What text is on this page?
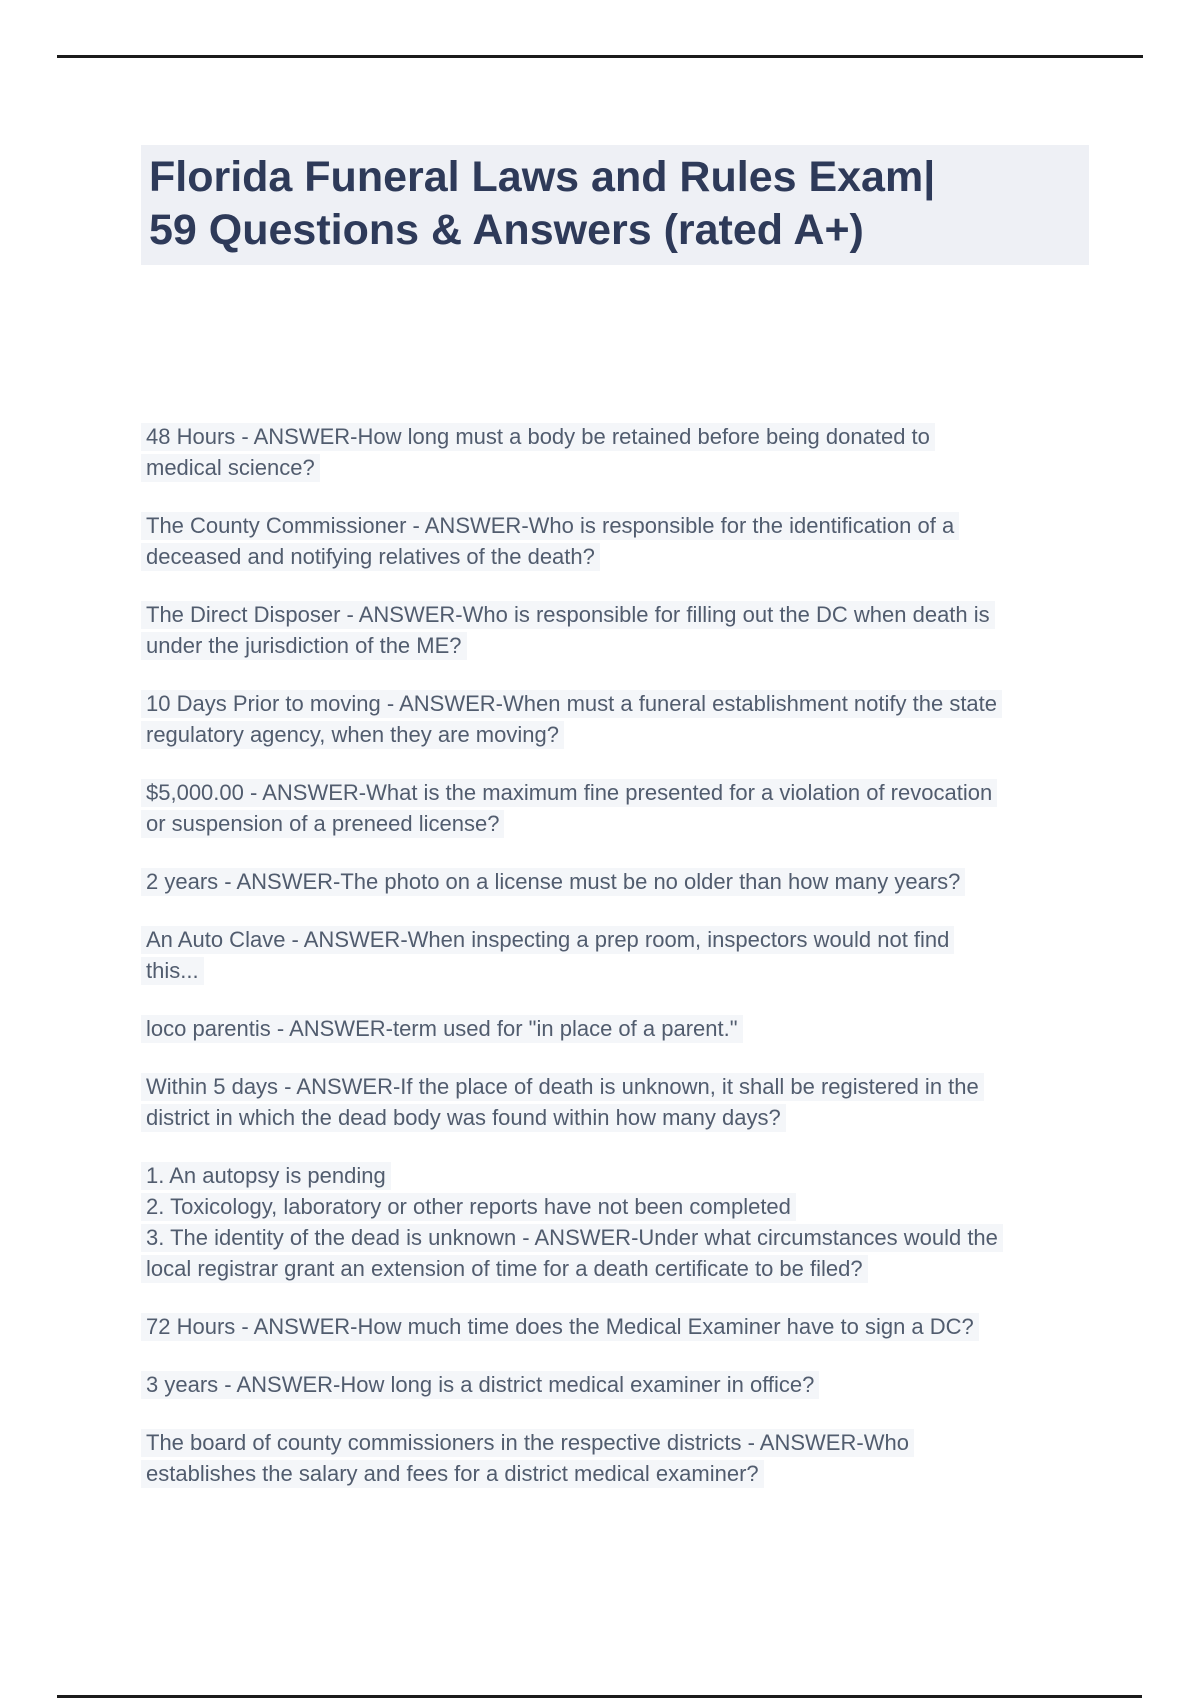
Florida Funeral Laws and Rules Exam|
59 Questions & Answers (rated A+)
48 Hours - ANSWER-How long must a body be retained before being donated to
medical science?
The County Commissioner - ANSWER-Who is responsible for the identification of a
deceased and notifying relatives of the death?
The Direct Disposer - ANSWER-Who is responsible for filling out the DC when death is
under the jurisdiction of the ME?
10 Days Prior to moving - ANSWER-When must a funeral establishment notify the state
regulatory agency, when they are moving?
$5,000.00 - ANSWER-What is the maximum fine presented for a violation of revocation
or suspension of a preneed license?
2 years - ANSWER-The photo on a license must be no older than how many years?
An Auto Clave - ANSWER-When inspecting a prep room, inspectors would not find
this...
loco parentis - ANSWER-term used for "in place of a parent."
Within 5 days - ANSWER-If the place of death is unknown, it shall be registered in the
district in which the dead body was found within how many days?
1. An autopsy is pending
2. Toxicology, laboratory or other reports have not been completed
3. The identity of the dead is unknown - ANSWER-Under what circumstances would the
local registrar grant an extension of time for a death certificate to be filed?
72 Hours - ANSWER-How much time does the Medical Examiner have to sign a DC?
3 years - ANSWER-How long is a district medical examiner in office?
The board of county commissioners in the respective districts - ANSWER-Who
establishes the salary and fees for a district medical examiner?
